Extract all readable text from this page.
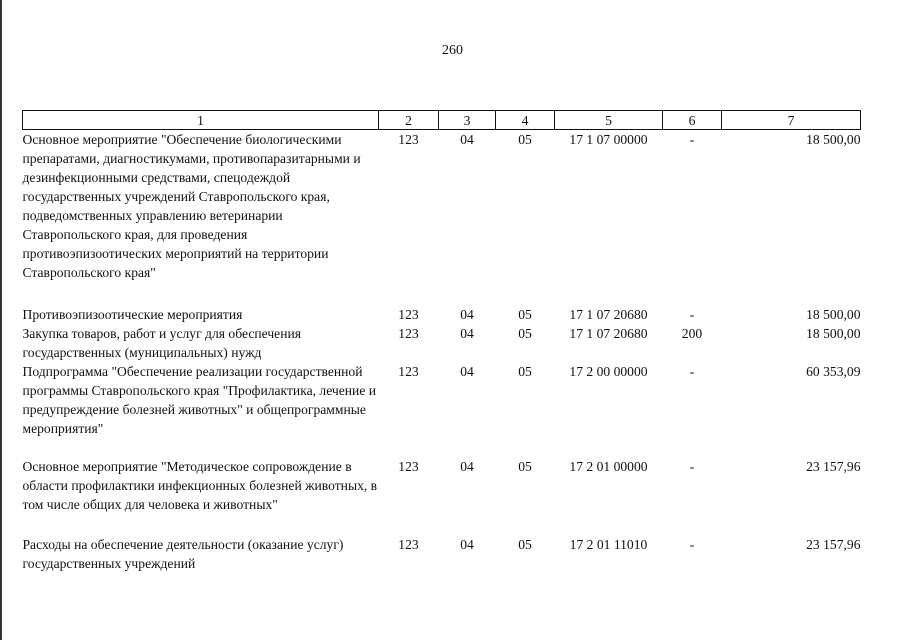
260
1	2	3	4	5	6	7
Основное мероприятие "Обеспечение биологическими препаратами, диагностикумами, противопаразитарными и дезинфекционными средствами, спецодеждой государственных учреждений Ставропольского края, подведомственных управлению ветеринарии Ставропольского края, для проведения противоэпизоотических мероприятий на территории Ставропольского края"	123	04	05	17 1 07 00000	-	18 500,00
Противоэпизоотические мероприятия	123	04	05	17 1 07 20680	-	18 500,00
Закупка товаров, работ и услуг для обеспечения государственных (муниципальных) нужд	123	04	05	17 1 07 20680	200	18 500,00
Подпрограмма "Обеспечение реализации государственной программы Ставропольского края "Профилактика, лечение и предупреждение болезней животных" и общепрограммные мероприятия"	123	04	05	17 2 00 00000	-	60 353,09
Основное мероприятие "Методическое сопровождение в области профилактики инфекционных болезней животных, в том числе общих для человека и животных"	123	04	05	17 2 01 00000	-	23 157,96
Расходы на обеспечение деятельности (оказание услуг) государственных учреждений	123	04	05	17 2 01 11010	-	23 157,96
